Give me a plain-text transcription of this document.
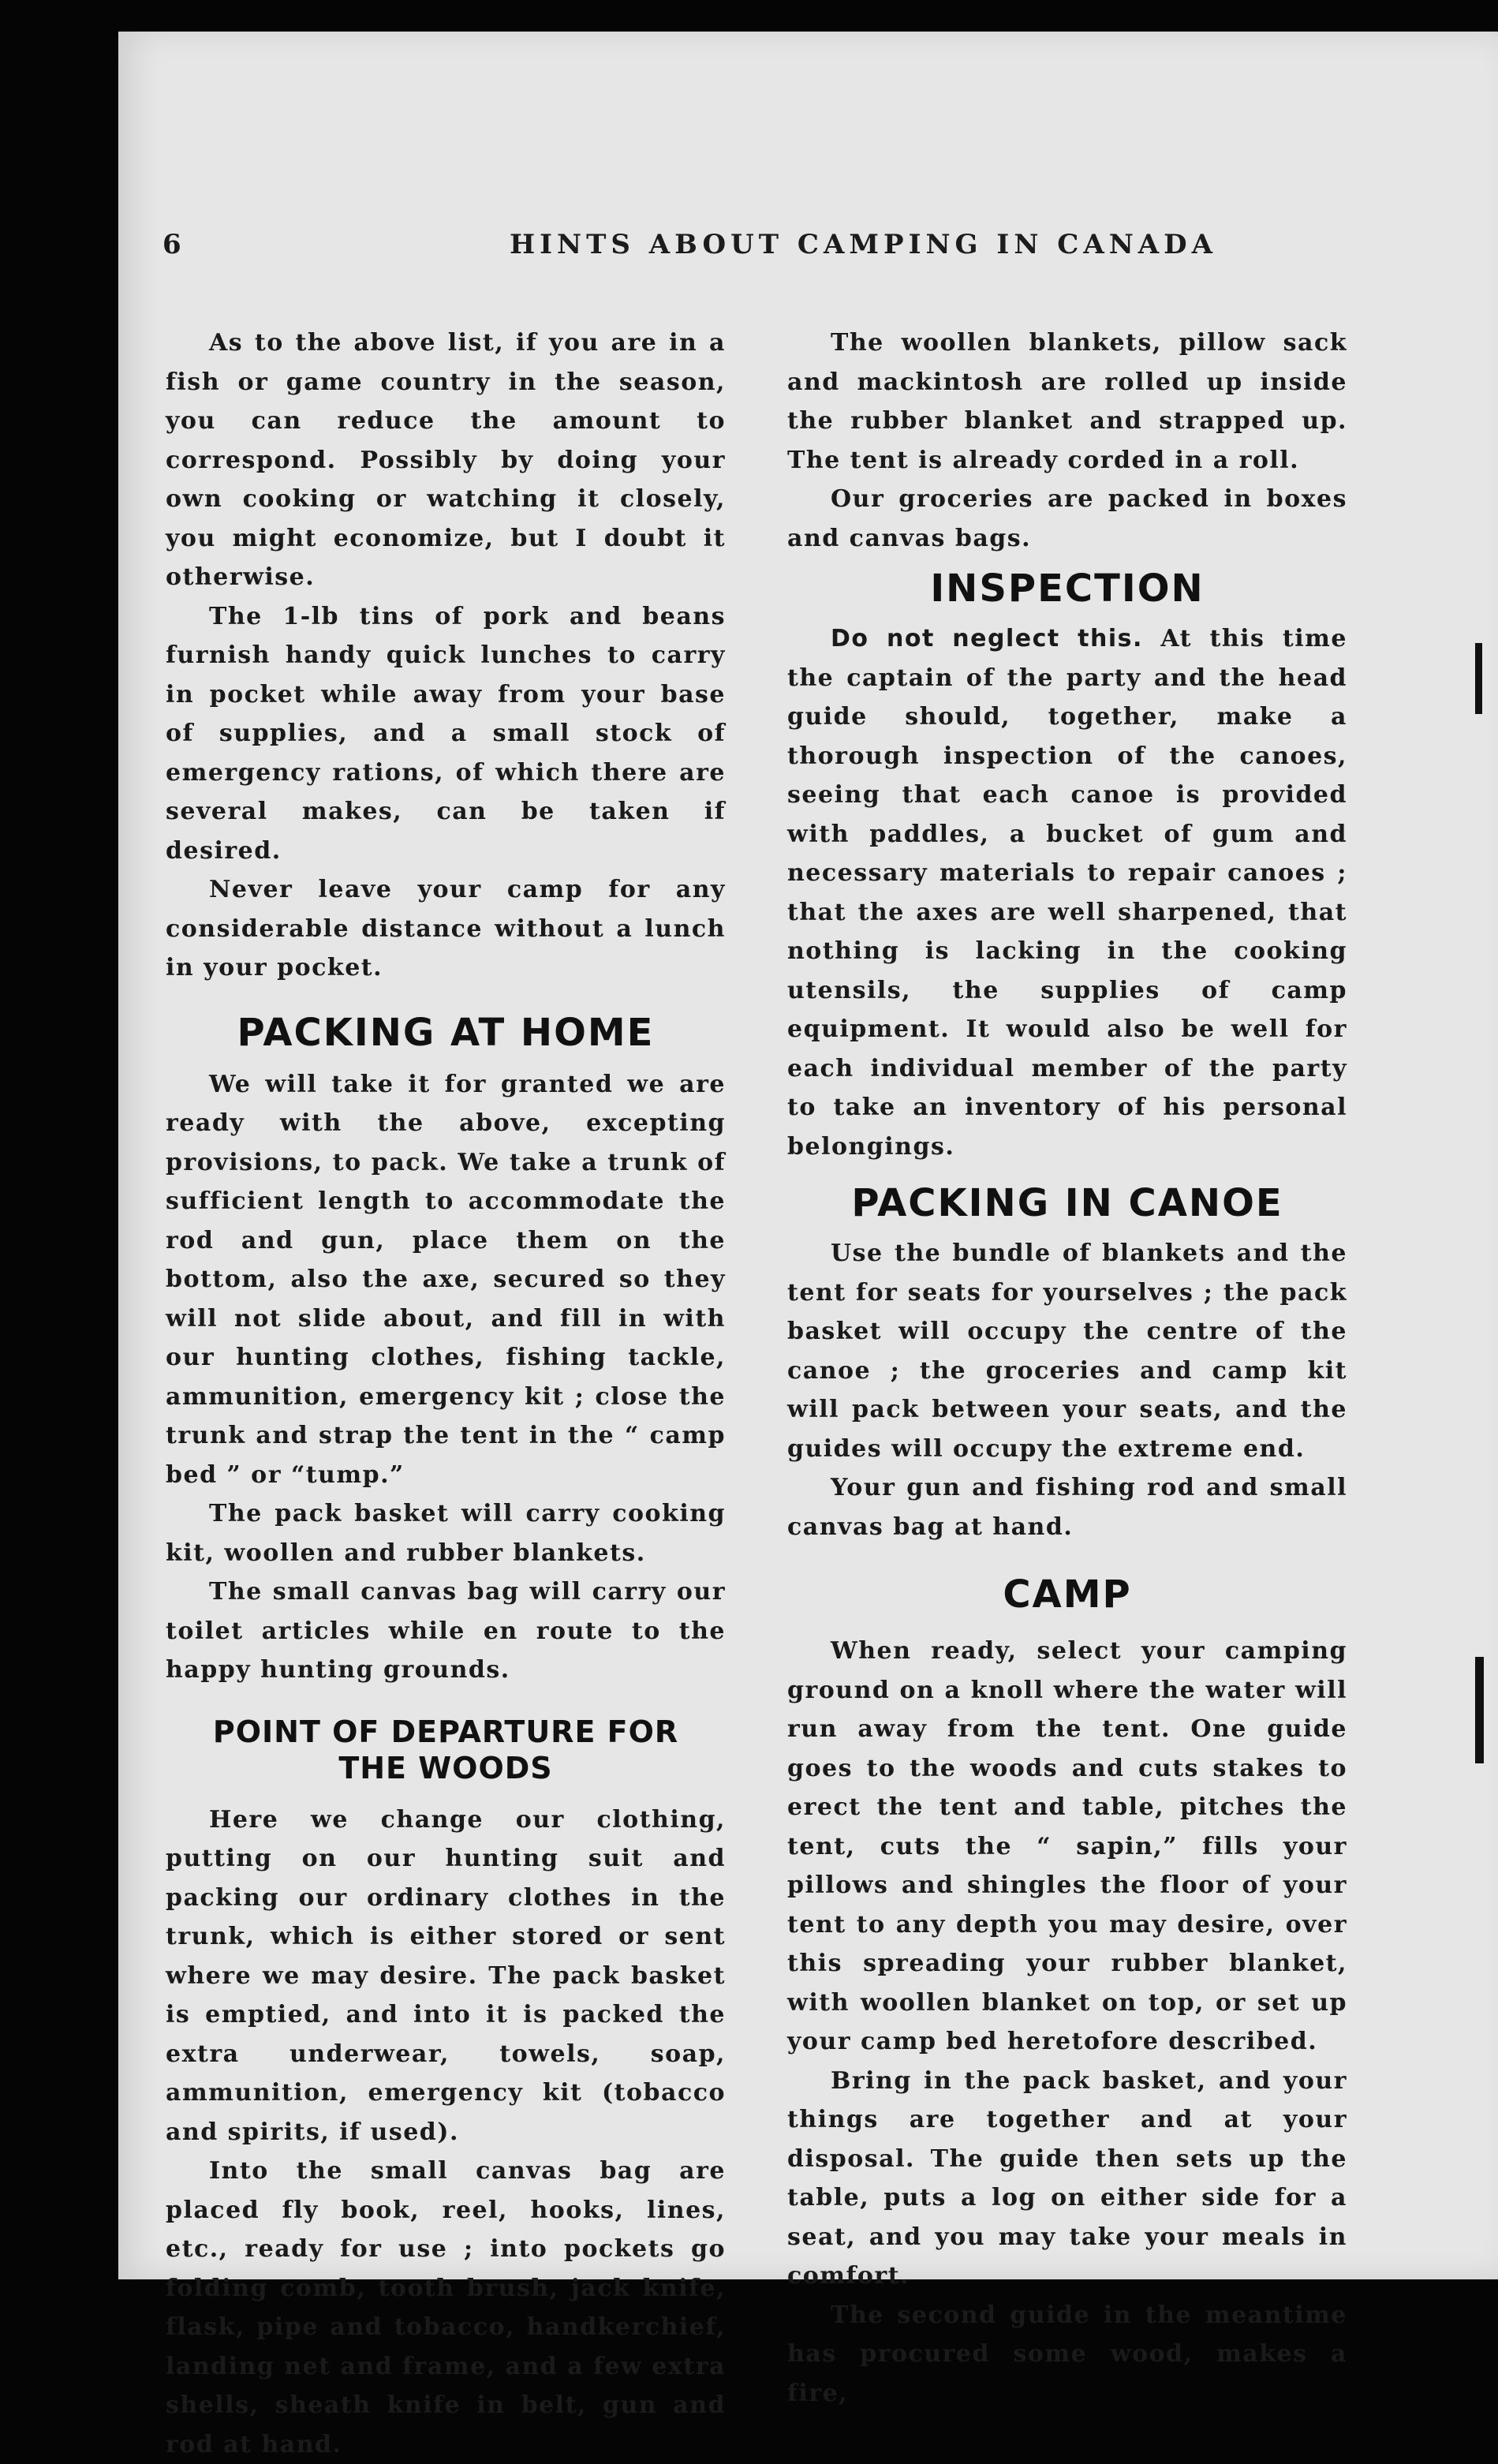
6	HINTS ABOUT CAMPING IN CANADA

As to the above list, if you are in a fish or game country in the season, you can reduce the amount to correspond. Possibly by doing your own cooking or watching it closely, you might economize, but I doubt it otherwise.

The 1-lb tins of pork and beans furnish handy quick lunches to carry in pocket while away from your base of supplies, and a small stock of emergency rations, of which there are several makes, can be taken if desired.

Never leave your camp for any considerable distance without a lunch in your pocket.

PACKING AT HOME

We will take it for granted we are ready with the above, excepting provisions, to pack. We take a trunk of sufficient length to accommodate the rod and gun, place them on the bottom, also the axe, secured so they will not slide about, and fill in with our hunting clothes, fishing tackle, ammunition, emergency kit ; close the trunk and strap the tent in the “ camp bed ” or “tump.”

The pack basket will carry cooking kit, woollen and rubber blankets.

The small canvas bag will carry our toilet articles while en route to the happy hunting grounds.

POINT OF DEPARTURE FOR THE WOODS

Here we change our clothing, putting on our hunting suit and packing our ordinary clothes in the trunk, which is either stored or sent where we may desire. The pack basket is emptied, and into it is packed the extra underwear, towels, soap, ammunition, emergency kit (tobacco and spirits, if used).

Into the small canvas bag are placed fly book, reel, hooks, lines, etc., ready for use ; into pockets go folding comb, tooth brush, jack knife, flask, pipe and tobacco, handkerchief, landing net and frame, and a few extra shells, sheath knife in belt, gun and rod at hand.

The woollen blankets, pillow sack and mackintosh are rolled up inside the rubber blanket and strapped up. The tent is already corded in a roll.

Our groceries are packed in boxes and canvas bags.

INSPECTION

Do not neglect this. At this time the captain of the party and the head guide should, together, make a thorough inspection of the canoes, seeing that each canoe is provided with paddles, a bucket of gum and necessary materials to repair canoes ; that the axes are well sharpened, that nothing is lacking in the cooking utensils, the supplies of camp equipment. It would also be well for each individual member of the party to take an inventory of his personal belongings.

PACKING IN CANOE

Use the bundle of blankets and the tent for seats for yourselves ; the pack basket will occupy the centre of the canoe ; the groceries and camp kit will pack between your seats, and the guides will occupy the extreme end.

Your gun and fishing rod and small canvas bag at hand.

CAMP

When ready, select your camping ground on a knoll where the water will run away from the tent. One guide goes to the woods and cuts stakes to erect the tent and table, pitches the tent, cuts the “ sapin,” fills your pillows and shingles the floor of your tent to any depth you may desire, over this spreading your rubber blanket, with woollen blanket on top, or set up your camp bed heretofore described.

Bring in the pack basket, and your things are together and at your disposal. The guide then sets up the table, puts a log on either side for a seat, and you may take your meals in comfort.

The second guide in the meantime has procured some wood, makes a fire,
